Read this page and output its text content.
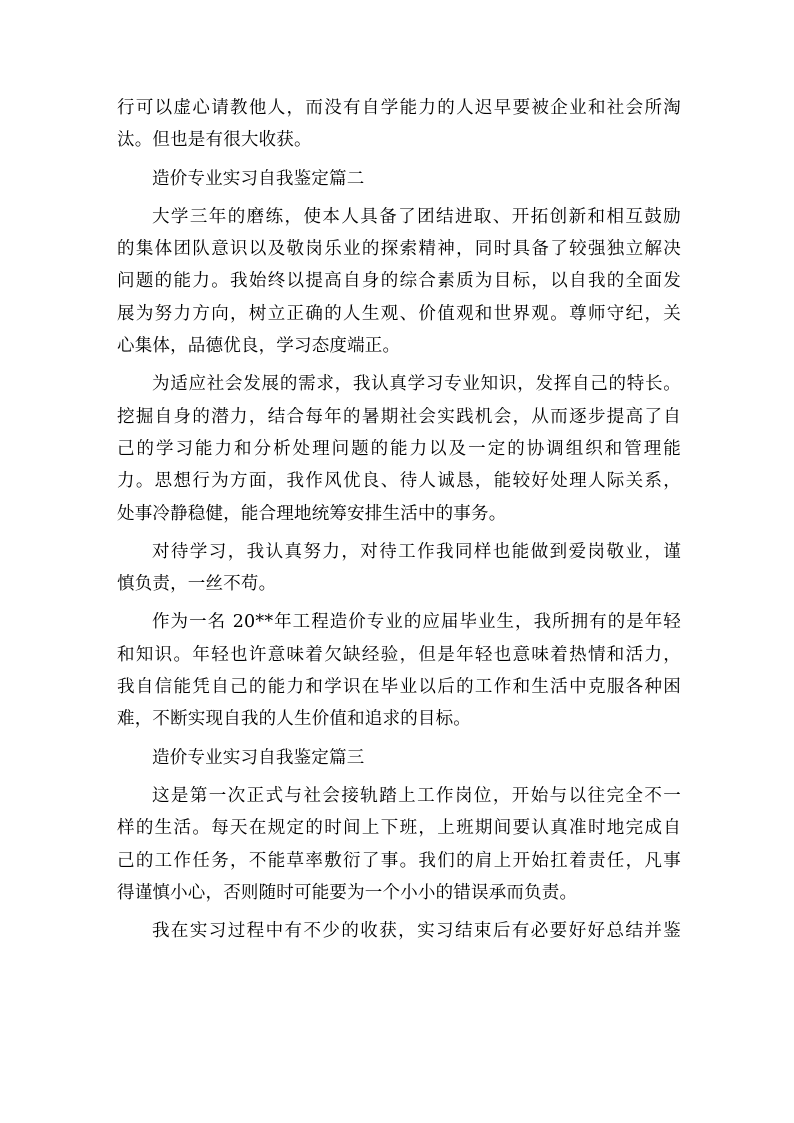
行可以虚心请教他人，而没有自学能力的人迟早要被企业和社会所淘
汰。但也是有很大收获。
造价专业实习自我鉴定篇二
大学三年的磨练，使本人具备了团结进取、开拓创新和相互鼓励
的集体团队意识以及敬岗乐业的探索精神，同时具备了较强独立解决
问题的能力。我始终以提高自身的综合素质为目标，以自我的全面发
展为努力方向，树立正确的人生观、价值观和世界观。尊师守纪，关
心集体，品德优良，学习态度端正。
为适应社会发展的需求，我认真学习专业知识，发挥自己的特长。
挖掘自身的潜力，结合每年的暑期社会实践机会，从而逐步提高了自
己的学习能力和分析处理问题的能力以及一定的协调组织和管理能
力。思想行为方面，我作风优良、待人诚恳，能较好处理人际关系，
处事冷静稳健，能合理地统筹安排生活中的事务。
对待学习，我认真努力，对待工作我同样也能做到爱岗敬业，谨
慎负责，一丝不苟。
作为一名 20**年工程造价专业的应届毕业生，我所拥有的是年轻
和知识。年轻也许意味着欠缺经验，但是年轻也意味着热情和活力，
我自信能凭自己的能力和学识在毕业以后的工作和生活中克服各种困
难，不断实现自我的人生价值和追求的目标。
造价专业实习自我鉴定篇三
这是第一次正式与社会接轨踏上工作岗位，开始与以往完全不一
样的生活。每天在规定的时间上下班，上班期间要认真准时地完成自
己的工作任务，不能草率敷衍了事。我们的肩上开始扛着责任，凡事
得谨慎小心，否则随时可能要为一个小小的错误承而负责。
我在实习过程中有不少的收获，实习结束后有必要好好总结并鉴
